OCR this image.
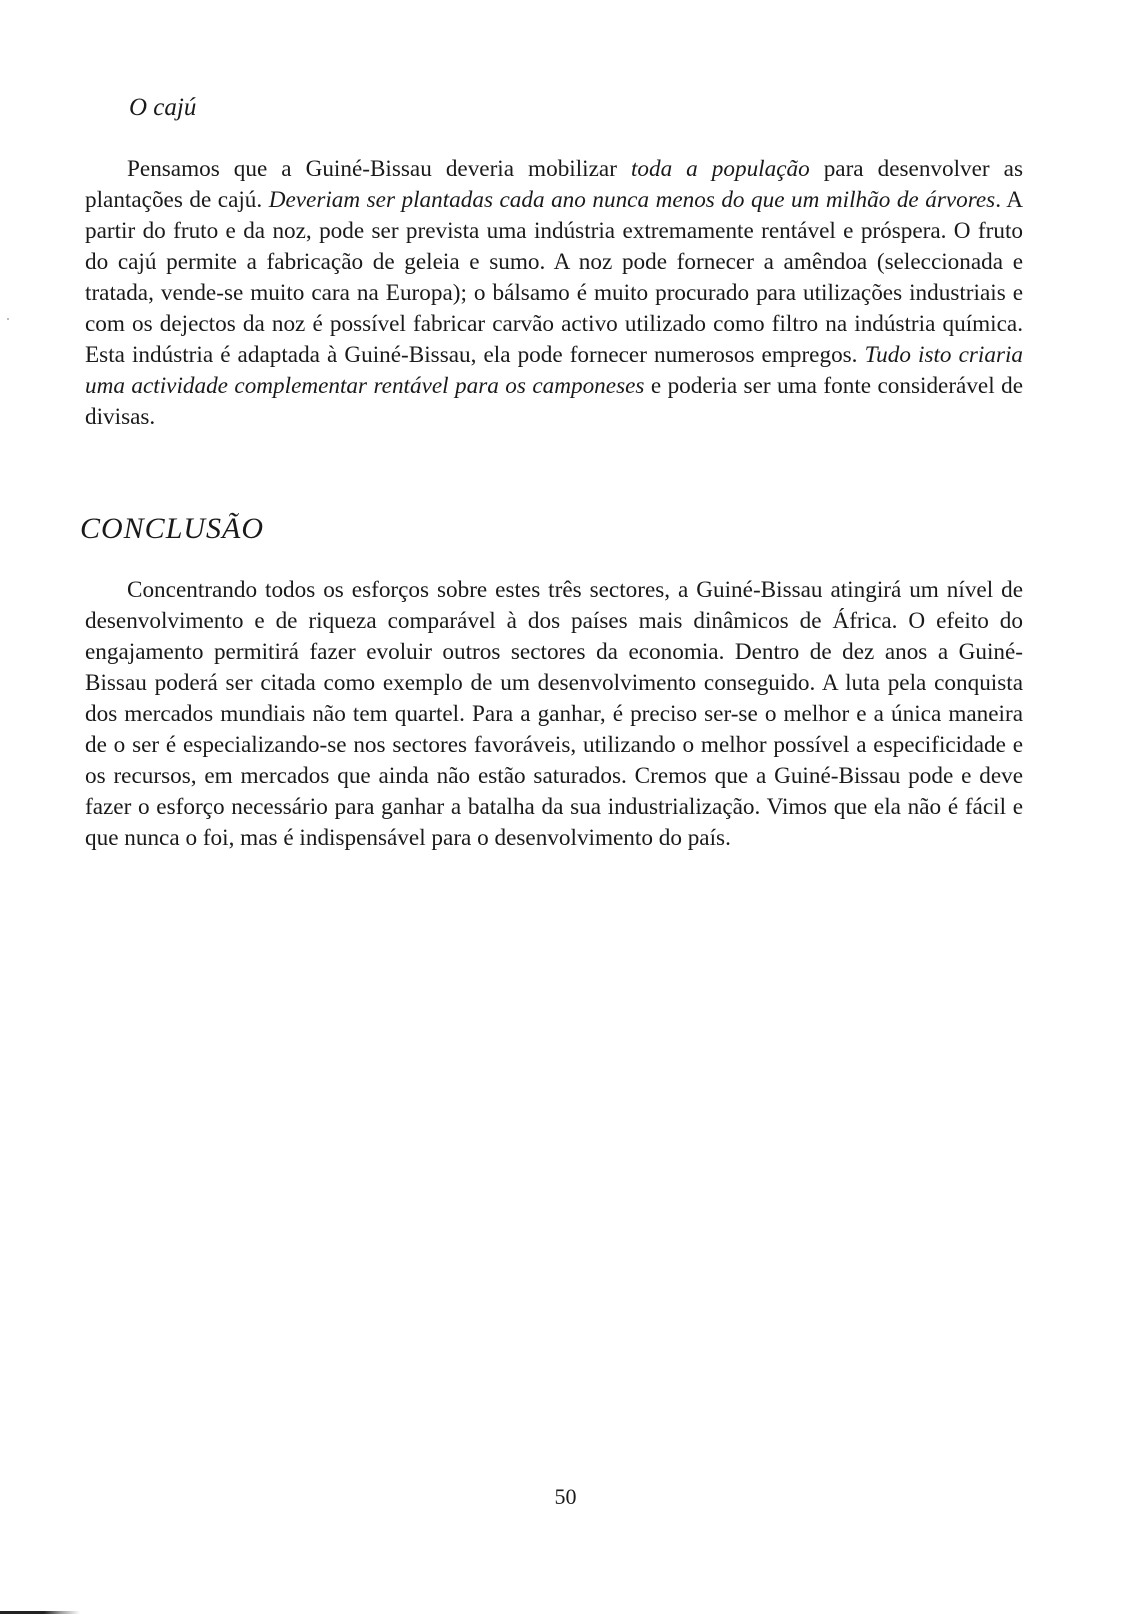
O cajú

Pensamos que a Guiné-Bissau deveria mobilizar toda a população para desenvolver as plantações de cajú. Deveriam ser plantadas cada ano nunca menos do que um milhão de árvores. A partir do fruto e da noz, pode ser prevista uma indústria extremamente rentável e próspera. O fruto do cajú permite a fabricação de geleia e sumo. A noz pode fornecer a amêndoa (seleccionada e tratada, vende-se muito cara na Europa); o bálsamo é muito procurado para utilizações industriais e com os dejectos da noz é possível fabricar carvão activo utilizado como filtro na indústria química. Esta indústria é adaptada à Guiné-Bissau, ela pode fornecer numerosos empregos. Tudo isto criaria uma actividade complementar rentável para os camponeses e poderia ser uma fonte considerável de divisas.

CONCLUSÃO

Concentrando todos os esforços sobre estes três sectores, a Guiné-Bissau atingirá um nível de desenvolvimento e de riqueza comparável à dos países mais dinâmicos de África. O efeito do engajamento permitirá fazer evoluir outros sectores da economia. Dentro de dez anos a Guiné-Bissau poderá ser citada como exemplo de um desenvolvimento conseguido. A luta pela conquista dos mercados mundiais não tem quartel. Para a ganhar, é preciso ser-se o melhor e a única maneira de o ser é especializando-se nos sectores favoráveis, utilizando o melhor possível a especificidade e os recursos, em mercados que ainda não estão saturados. Cremos que a Guiné-Bissau pode e deve fazer o esforço necessário para ganhar a batalha da sua industrialização. Vimos que ela não é fácil e que nunca o foi, mas é indispensável para o desenvolvimento do país.

50
